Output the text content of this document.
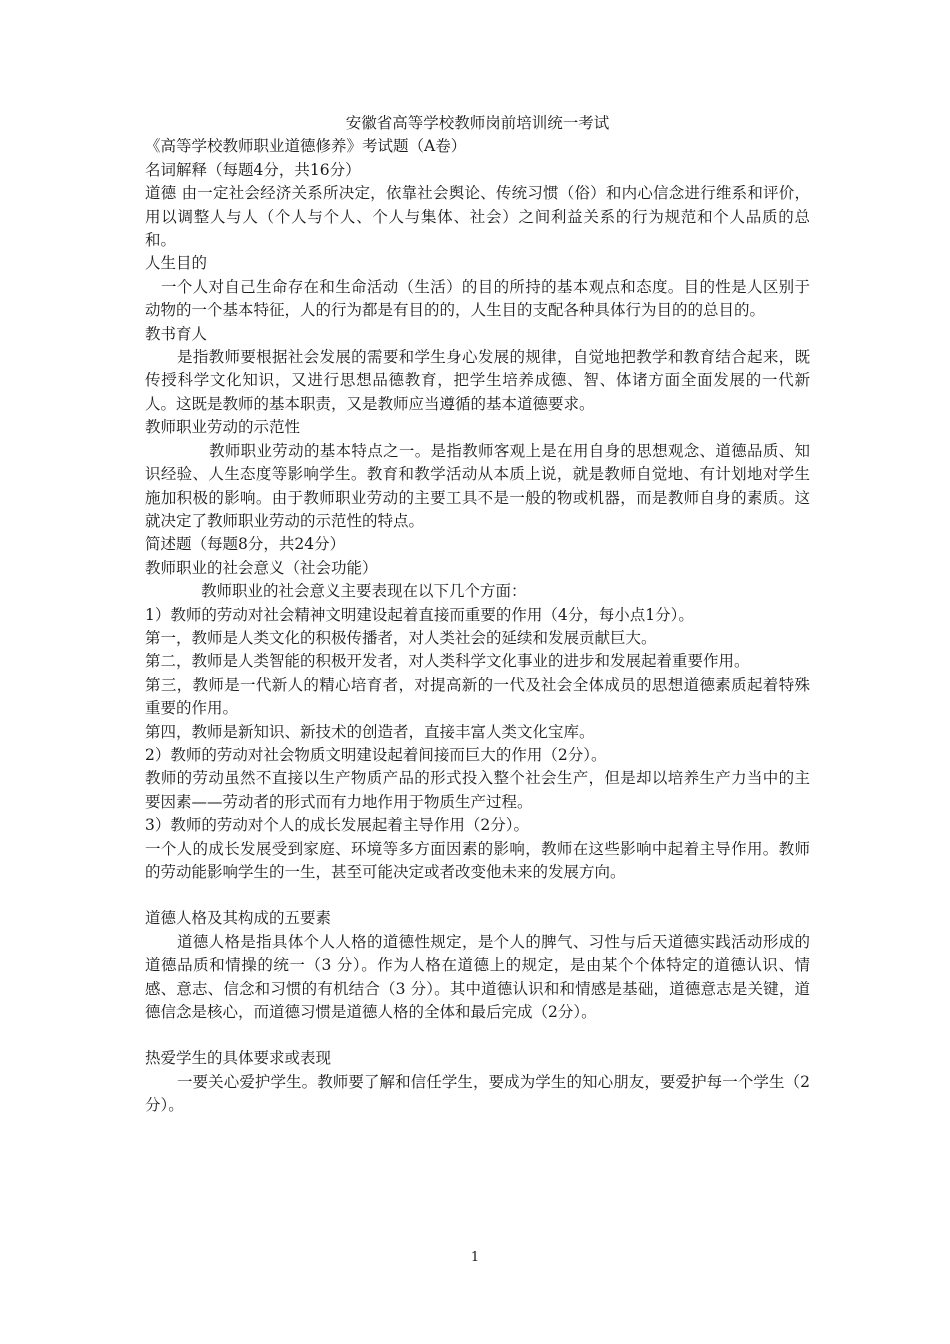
安徽省高等学校教师岗前培训统一考试
《高等学校教师职业道德修养》考试题（A卷）
名词解释（每题4分，共16分）
道德 由一定社会经济关系所决定，依靠社会舆论、传统习惯（俗）和内心信念进行维系和评价，用以调整人与人（个人与个人、个人与集体、社会）之间利益关系的行为规范和个人品质的总和。
人生目的
一个人对自己生命存在和生命活动（生活）的目的所持的基本观点和态度。目的性是人区别于动物的一个基本特征，人的行为都是有目的的，人生目的支配各种具体行为目的的总目的。
教书育人
是指教师要根据社会发展的需要和学生身心发展的规律，自觉地把教学和教育结合起来，既传授科学文化知识，又进行思想品德教育，把学生培养成德、智、体诸方面全面发展的一代新人。这既是教师的基本职责，又是教师应当遵循的基本道德要求。
教师职业劳动的示范性
教师职业劳动的基本特点之一。是指教师客观上是在用自身的思想观念、道德品质、知识经验、人生态度等影响学生。教育和教学活动从本质上说，就是教师自觉地、有计划地对学生施加积极的影响。由于教师职业劳动的主要工具不是一般的物或机器，而是教师自身的素质。这就决定了教师职业劳动的示范性的特点。
简述题（每题8分，共24分）
教师职业的社会意义（社会功能）
教师职业的社会意义主要表现在以下几个方面：
1）教师的劳动对社会精神文明建设起着直接而重要的作用（4分，每小点1分）。
第一，教师是人类文化的积极传播者，对人类社会的延续和发展贡献巨大。
第二，教师是人类智能的积极开发者，对人类科学文化事业的进步和发展起着重要作用。
第三，教师是一代新人的精心培育者，对提高新的一代及社会全体成员的思想道德素质起着特殊重要的作用。
第四，教师是新知识、新技术的创造者，直接丰富人类文化宝库。
2）教师的劳动对社会物质文明建设起着间接而巨大的作用（2分）。
教师的劳动虽然不直接以生产物质产品的形式投入整个社会生产，但是却以培养生产力当中的主要因素——劳动者的形式而有力地作用于物质生产过程。
3）教师的劳动对个人的成长发展起着主导作用（2分）。
一个人的成长发展受到家庭、环境等多方面因素的影响，教师在这些影响中起着主导作用。教师的劳动能影响学生的一生，甚至可能决定或者改变他未来的发展方向。
道德人格及其构成的五要素
道德人格是指具体个人人格的道德性规定，是个人的脾气、习性与后天道德实践活动形成的道德品质和情操的统一（3 分）。作为人格在道德上的规定，是由某个个体特定的道德认识、情感、意志、信念和习惯的有机结合（3 分）。其中道德认识和和情感是基础，道德意志是关键，道德信念是核心，而道德习惯是道德人格的全体和最后完成（2分）。
热爱学生的具体要求或表现
一要关心爱护学生。教师要了解和信任学生，要成为学生的知心朋友，要爱护每一个学生（2分）。
1
